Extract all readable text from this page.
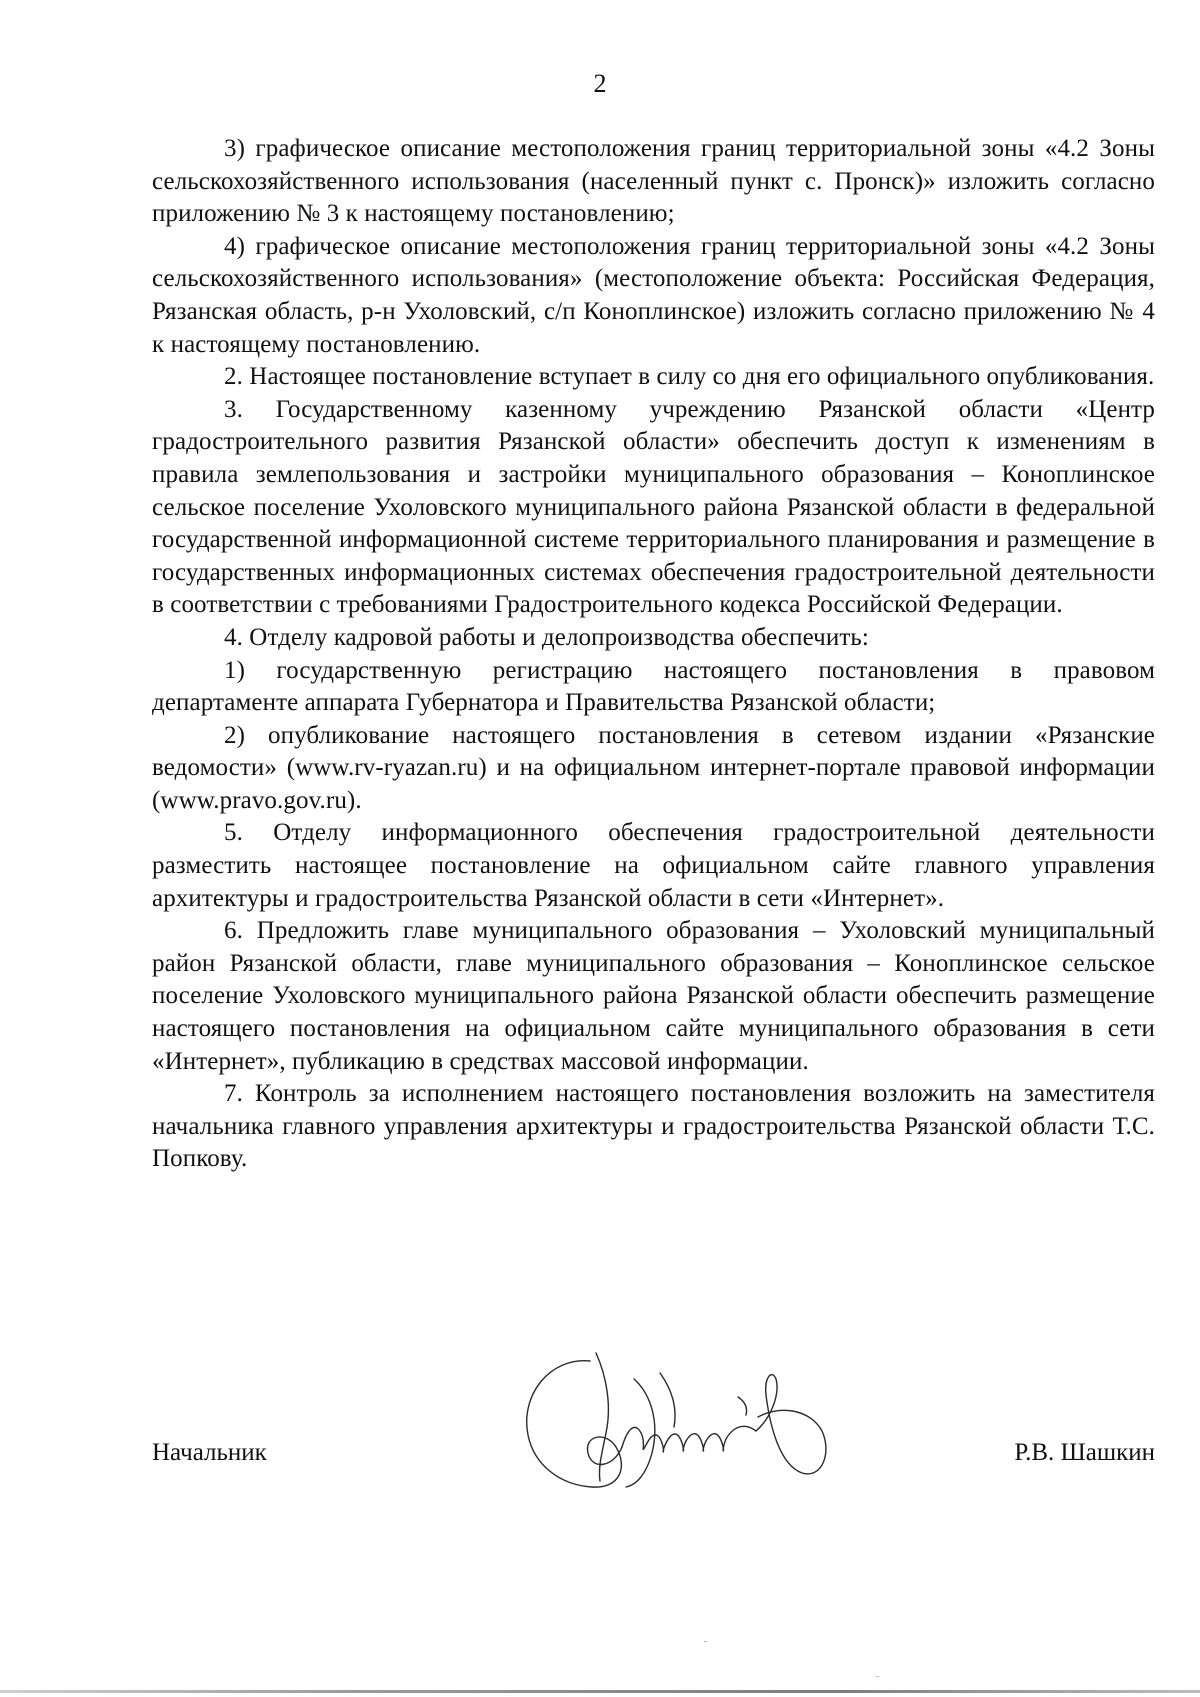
2

3) графическое описание местоположения границ территориальной зоны «4.2 Зоны сельскохозяйственного использования (населенный пункт с. Пронск)» изложить согласно приложению № 3 к настоящему постановлению;

4) графическое описание местоположения границ территориальной зоны «4.2 Зоны сельскохозяйственного использования» (местоположение объекта: Российская Федерация, Рязанская область, р-н Ухоловский, с/п Коноплинское) изложить согласно приложению № 4 к настоящему постановлению.

2. Настоящее постановление вступает в силу со дня его официального опубликования.

3. Государственному казенному учреждению Рязанской области «Центр градостроительного развития Рязанской области» обеспечить доступ к изменениям в правила землепользования и застройки муниципального образования – Коноплинское сельское поселение Ухоловского муниципального района Рязанской области в федеральной государственной информационной системе территориального планирования и размещение в государственных информационных системах обеспечения градостроительной деятельности в соответствии с требованиями Градостроительного кодекса Российской Федерации.

4. Отделу кадровой работы и делопроизводства обеспечить:

1) государственную регистрацию настоящего постановления в правовом департаменте аппарата Губернатора и Правительства Рязанской области;

2) опубликование настоящего постановления в сетевом издании «Рязанские ведомости» (www.rv-ryazan.ru) и на официальном интернет-портале правовой информации (www.pravo.gov.ru).

5. Отделу информационного обеспечения градостроительной деятельности разместить настоящее постановление на официальном сайте главного управления архитектуры и градостроительства Рязанской области в сети «Интернет».

6. Предложить главе муниципального образования – Ухоловский муниципальный район Рязанской области, главе муниципального образования – Коноплинское сельское поселение Ухоловского муниципального района Рязанской области обеспечить размещение настоящего постановления на официальном сайте муниципального образования в сети «Интернет», публикацию в средствах массовой информации.

7. Контроль за исполнением настоящего постановления возложить на заместителя начальника главного управления архитектуры и градостроительства Рязанской области Т.С. Попкову.

Начальник	Р.В. Шашкин
